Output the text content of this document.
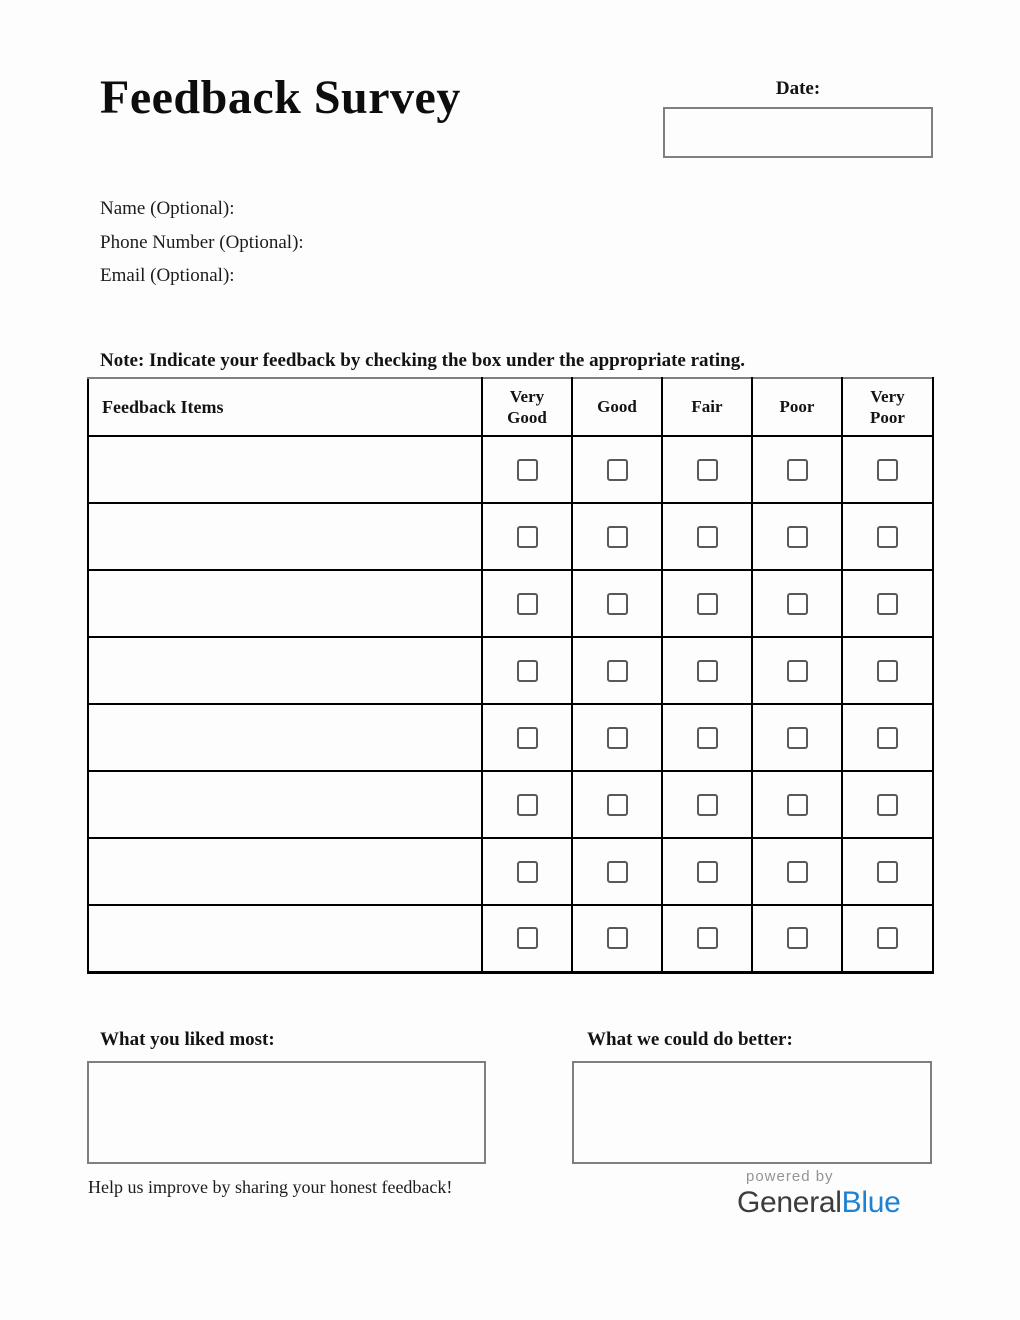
Feedback Survey	Date:
Name (Optional):
Phone Number (Optional):
Email (Optional):
Note: Indicate your feedback by checking the box under the appropriate rating.
Feedback Items	Very Good	Good	Fair	Poor	Very Poor

What you liked most:	What we could do better:
Help us improve by sharing your honest feedback!
powered by
GeneralBlue
